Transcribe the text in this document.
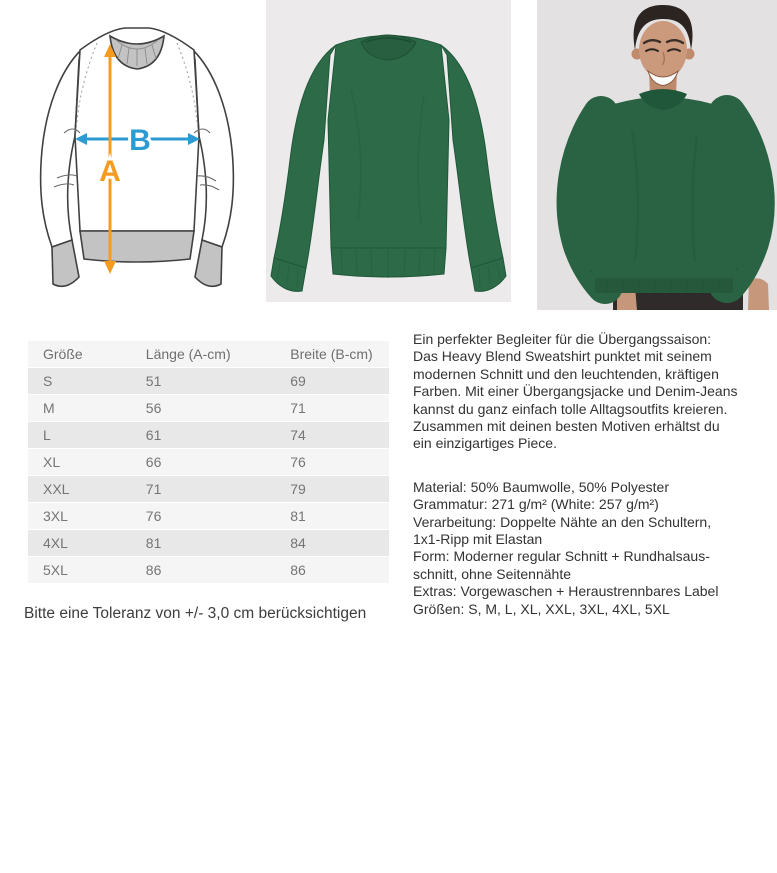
B
A
Größe	Länge (A-cm)	Breite (B-cm)
S	51	69
M	56	71
L	61	74
XL	66	76
XXL	71	79
3XL	76	81
4XL	81	84
5XL	86	86
Bitte eine Toleranz von +/- 3,0 cm berücksichtigen
Ein perfekter Begleiter für die Übergangssaison:
Das Heavy Blend Sweatshirt punktet mit seinem
modernen Schnitt und den leuchtenden, kräftigen
Farben. Mit einer Übergangsjacke und Denim-Jeans
kannst du ganz einfach tolle Alltagsoutfits kreieren.
Zusammen mit deinen besten Motiven erhältst du
ein einzigartiges Piece.
Material: 50% Baumwolle, 50% Polyester
Grammatur: 271 g/m² (White: 257 g/m²)
Verarbeitung: Doppelte Nähte an den Schultern,
1x1-Ripp mit Elastan
Form: Moderner regular Schnitt + Rundhalsaus-
schnitt, ohne Seitennähte
Extras: Vorgewaschen + Heraustrennbares Label
Größen: S, M, L, XL, XXL, 3XL, 4XL, 5XL
